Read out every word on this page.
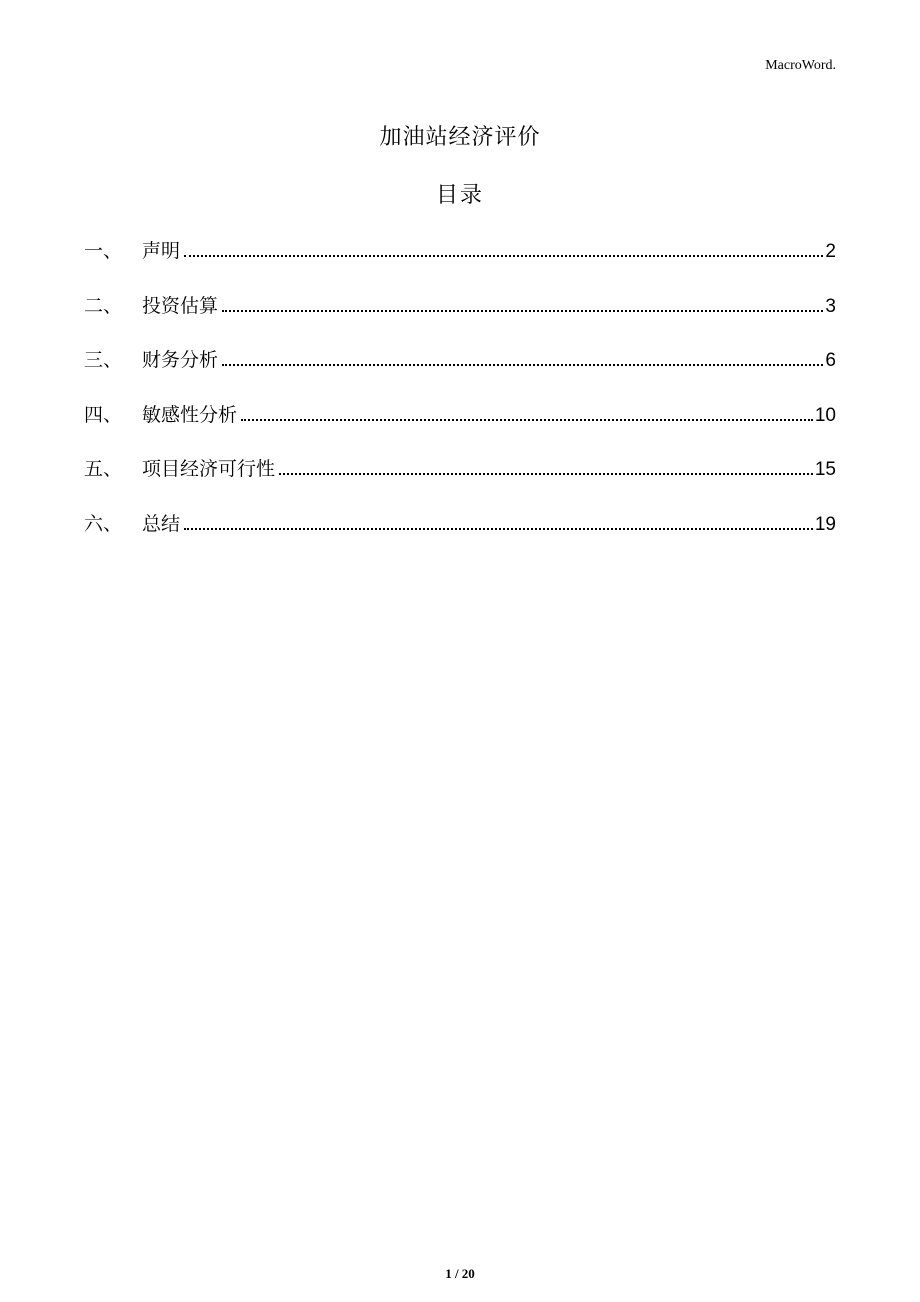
MacroWord.
加油站经济评价
目录
一、	声明	2
二、	投资估算	3
三、	财务分析	6
四、	敏感性分析	10
五、	项目经济可行性	15
六、	总结	19
1 / 20
